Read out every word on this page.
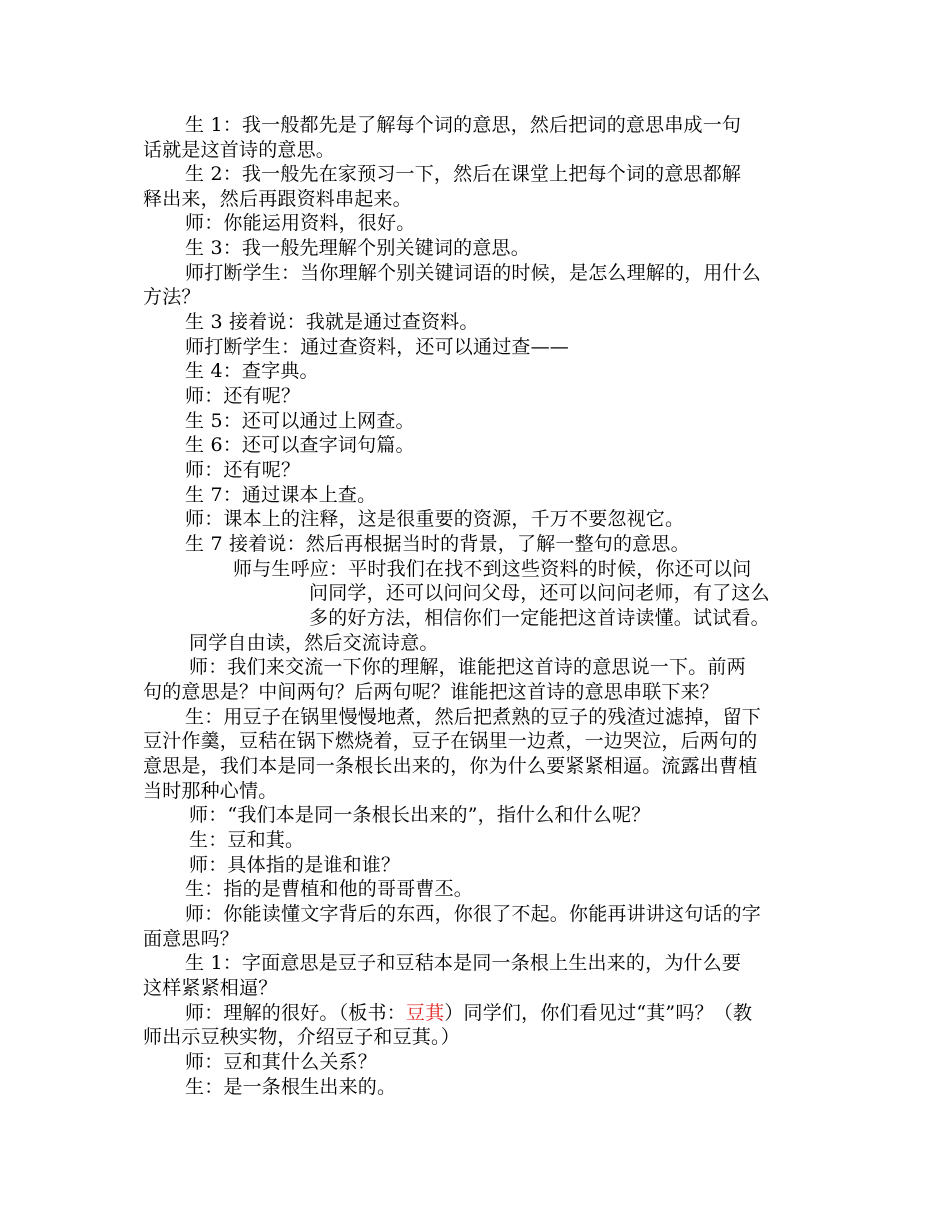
生 1：我一般都先是了解每个词的意思，然后把词的意思串成一句

话就是这首诗的意思。

生 2：我一般先在家预习一下，然后在课堂上把每个词的意思都解

释出来，然后再跟资料串起来。

师：你能运用资料，很好。

生 3：我一般先理解个别关键词的意思。

师打断学生：当你理解个别关键词语的时候，是怎么理解的，用什么

方法？

生 3 接着说：我就是通过查资料。

师打断学生：通过查资料，还可以通过查——

生 4：查字典。

师：还有呢？

生 5：还可以通过上网查。

生 6：还可以查字词句篇。

师：还有呢？

生 7：通过课本上查。

师：课本上的注释，这是很重要的资源，千万不要忽视它。

生 7 接着说：然后再根据当时的背景，了解一整句的意思。

师与生呼应：平时我们在找不到这些资料的时候，你还可以问

问同学，还可以问问父母，还可以问问老师，有了这么

多的好方法，相信你们一定能把这首诗读懂。试试看。

同学自由读，然后交流诗意。

师：我们来交流一下你的理解，谁能把这首诗的意思说一下。前两

句的意思是？中间两句？后两句呢？谁能把这首诗的意思串联下来？

生：用豆子在锅里慢慢地煮，然后把煮熟的豆子的残渣过滤掉，留下

豆汁作羹，豆秸在锅下燃烧着，豆子在锅里一边煮，一边哭泣，后两句的

意思是，我们本是同一条根长出来的，你为什么要紧紧相逼。流露出曹植

当时那种心情。

师：“我们本是同一条根长出来的”，指什么和什么呢？

生：豆和萁。

师：具体指的是谁和谁？

生：指的是曹植和他的哥哥曹丕。

师：你能读懂文字背后的东西，你很了不起。你能再讲讲这句话的字

面意思吗？

生 1：字面意思是豆子和豆秸本是同一条根上生出来的，为什么要

这样紧紧相逼？

师：理解的很好。（板书：豆萁）同学们，你们看见过“萁”吗？（教

师出示豆秧实物，介绍豆子和豆萁。）

师：豆和萁什么关系？

生：是一条根生出来的。
